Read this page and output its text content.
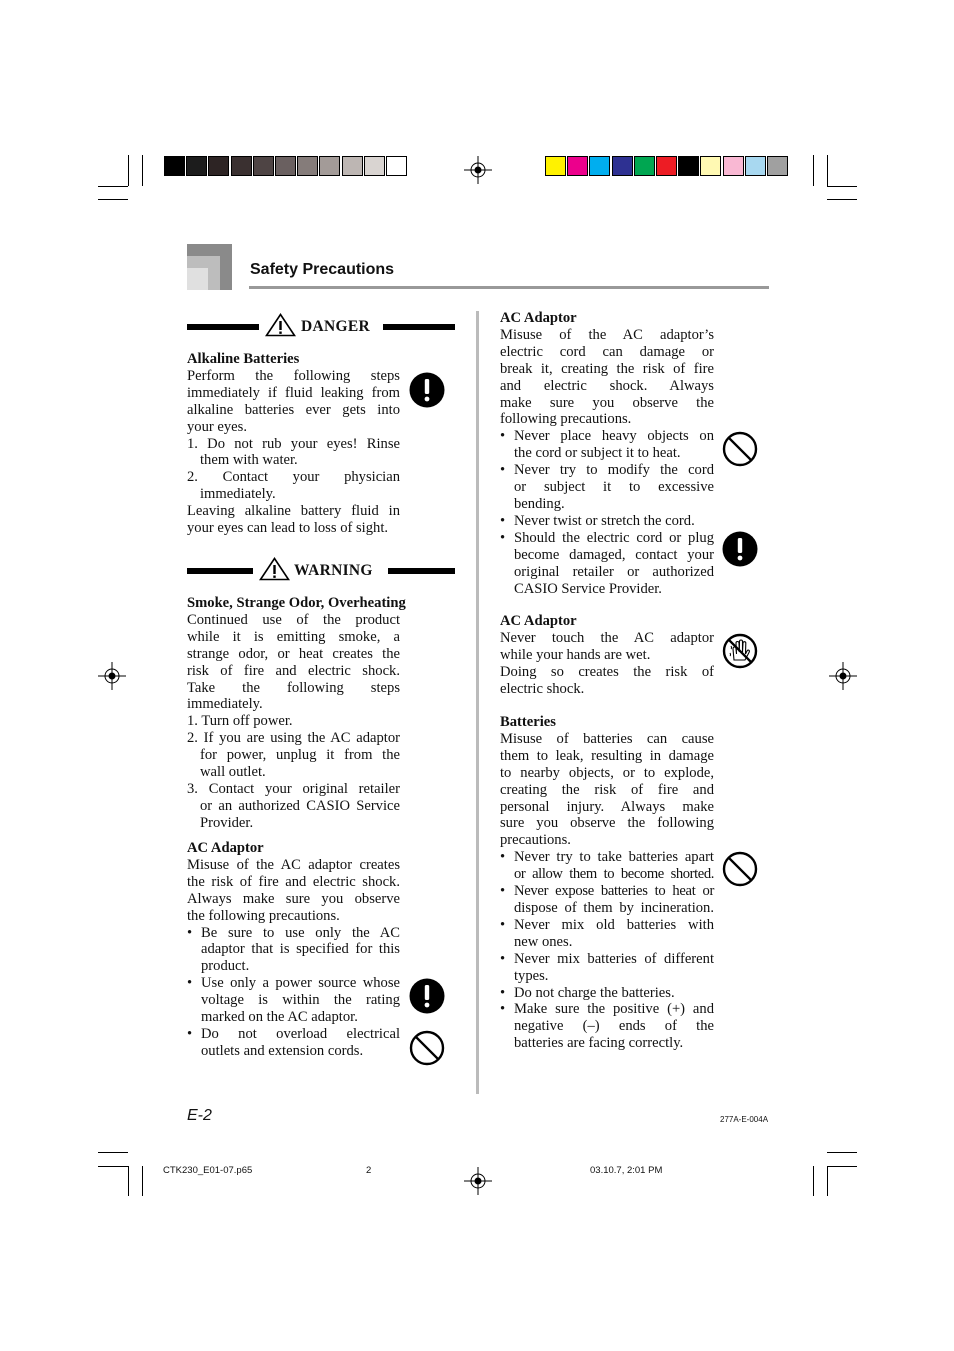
Safety Precautions
DANGER

Alkaline Batteries

Perform the following steps

immediately if fluid leaking from

alkaline batteries ever gets into

your eyes.

1. Do not rub your eyes! Rinse

them with water.

2. Contact your physician

immediately.

Leaving alkaline battery fluid in

your eyes can lead to loss of sight.

WARNING

Smoke, Strange Odor, Overheating

Continued use of the product

while it is emitting smoke, a

strange odor, or heat creates the

risk of fire and electric shock.

Take the following steps

immediately.

1. Turn off power.

2. If you are using the AC adaptor

for power, unplug it from the

wall outlet.

3. Contact your original retailer

or an authorized CASIO Service

Provider.

AC Adaptor

Misuse of the AC adaptor creates

the risk of fire and electric shock.

Always make sure you observe

the following precautions.

• Be sure to use only the AC

adaptor that is specified for this

product.

• Use only a power source whose

voltage is within the rating

marked on the AC adaptor.

• Do not overload electrical

outlets and extension cords.

AC Adaptor

Misuse of the AC adaptor’s

electric cord can damage or

break it, creating the risk of fire

and electric shock. Always

make sure you observe the

following precautions.

• Never place heavy objects on

the cord or subject it to heat.

• Never try to modify the cord

or subject it to excessive

bending.

• Never twist or stretch the cord.

• Should the electric cord or plug

become damaged, contact your

original retailer or authorized

CASIO Service Provider.

AC Adaptor

Never touch the AC adaptor

while your hands are wet.

Doing so creates the risk of

electric shock.

Batteries

Misuse of batteries can cause

them to leak, resulting in damage

to nearby objects, or to explode,

creating the risk of fire and

personal injury. Always make

sure you observe the following

precautions.

• Never try to take batteries apart

or allow them to become shorted.

• Never expose batteries to heat or

dispose of them by incineration.

• Never mix old batteries with

new ones.

• Never mix batteries of different

types.

• Do not charge the batteries.

• Make sure the positive (+) and

negative (–) ends of the

batteries are facing correctly.

E-2	277A-E-004A
CTK230_E01-07.p65	2	03.10.7, 2:01 PM
